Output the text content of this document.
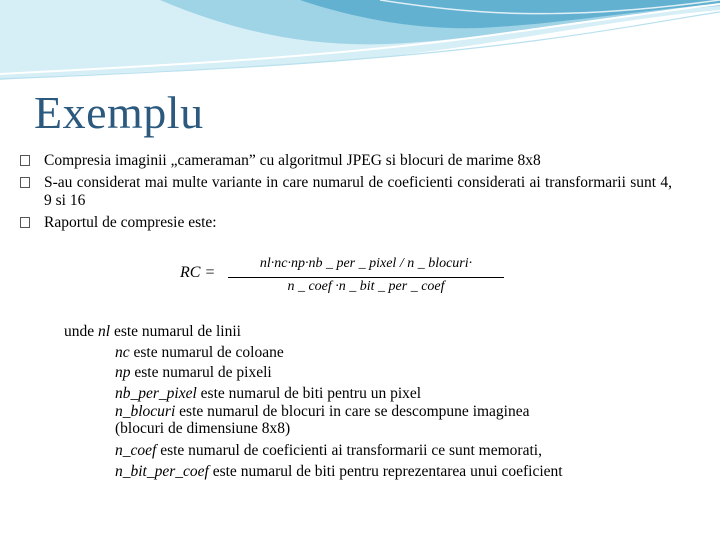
Exemplu
Compresia imaginii „cameraman” cu algoritmul JPEG si blocuri de marime 8x8
S-au considerat mai multe variante in care numarul de coeficienti considerati ai transformarii sunt 4, 9 si 16
Raportul de compresie este:
RC =
nl·nc·np·nb _ per _ pixel / n _ blocuri·
n _ coef ·n _ bit _ per _ coef
unde nl este numarul de linii
nc este numarul de coloane
np este numarul de pixeli
nb_per_pixel este numarul de biti pentru un pixel
n_blocuri este numarul de blocuri in care se descompune imaginea
(blocuri de dimensiune 8x8)
n_coef este numarul de coeficienti ai transformarii ce sunt memorati,
n_bit_per_coef este numarul de biti pentru reprezentarea unui coeficient
